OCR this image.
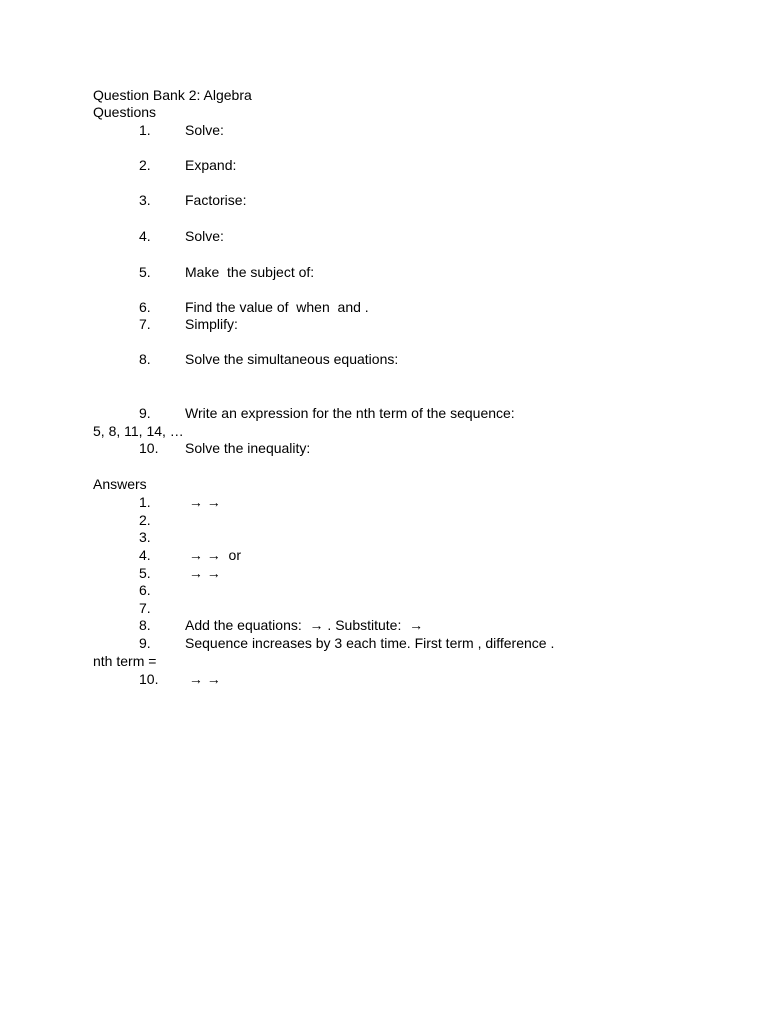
Question Bank 2: Algebra
Questions
1. Solve:
2. Expand:
3. Factorise:
4. Solve:
5. Make  the subject of:
6. Find the value of  when  and .
7. Simplify:
8. Solve the simultaneous equations:
9. Write an expression for the nth term of the sequence:
5, 8, 11, 14, …
10. Solve the inequality:
Answers
1. → →
2.
3.
4. → →  or
5. → →
6.
7.
8. Add the equations:  → . Substitute:  →
9. Sequence increases by 3 each time. First term , difference .
nth term =
10. → →
